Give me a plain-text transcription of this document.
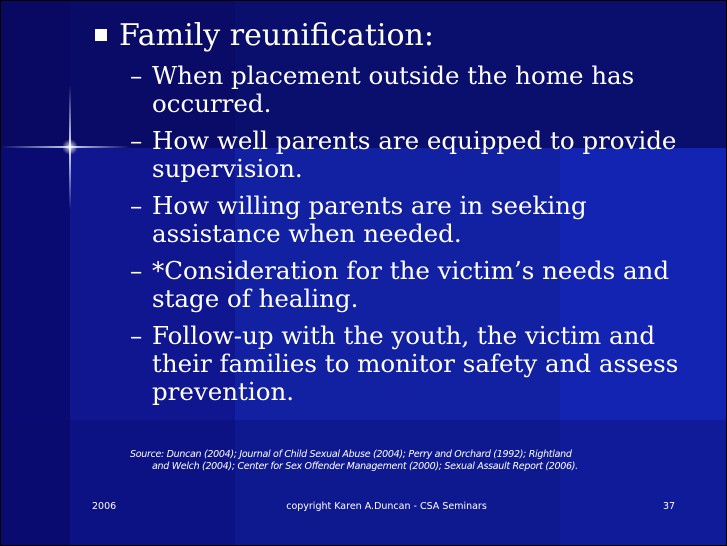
Family reunification:
– When placement outside the home has occurred.
– How well parents are equipped to provide supervision.
– How willing parents are in seeking assistance when needed.
– *Consideration for the victim’s needs and stage of healing.
– Follow-up with the youth, the victim and their families to monitor safety and assess prevention.
Source: Duncan (2004); Journal of Child Sexual Abuse (2004); Perry and Orchard (1992); Rightland
and Welch (2004); Center for Sex Offender Management (2000); Sexual Assault Report (2006).
2006	copyright Karen A.Duncan - CSA Seminars	37
